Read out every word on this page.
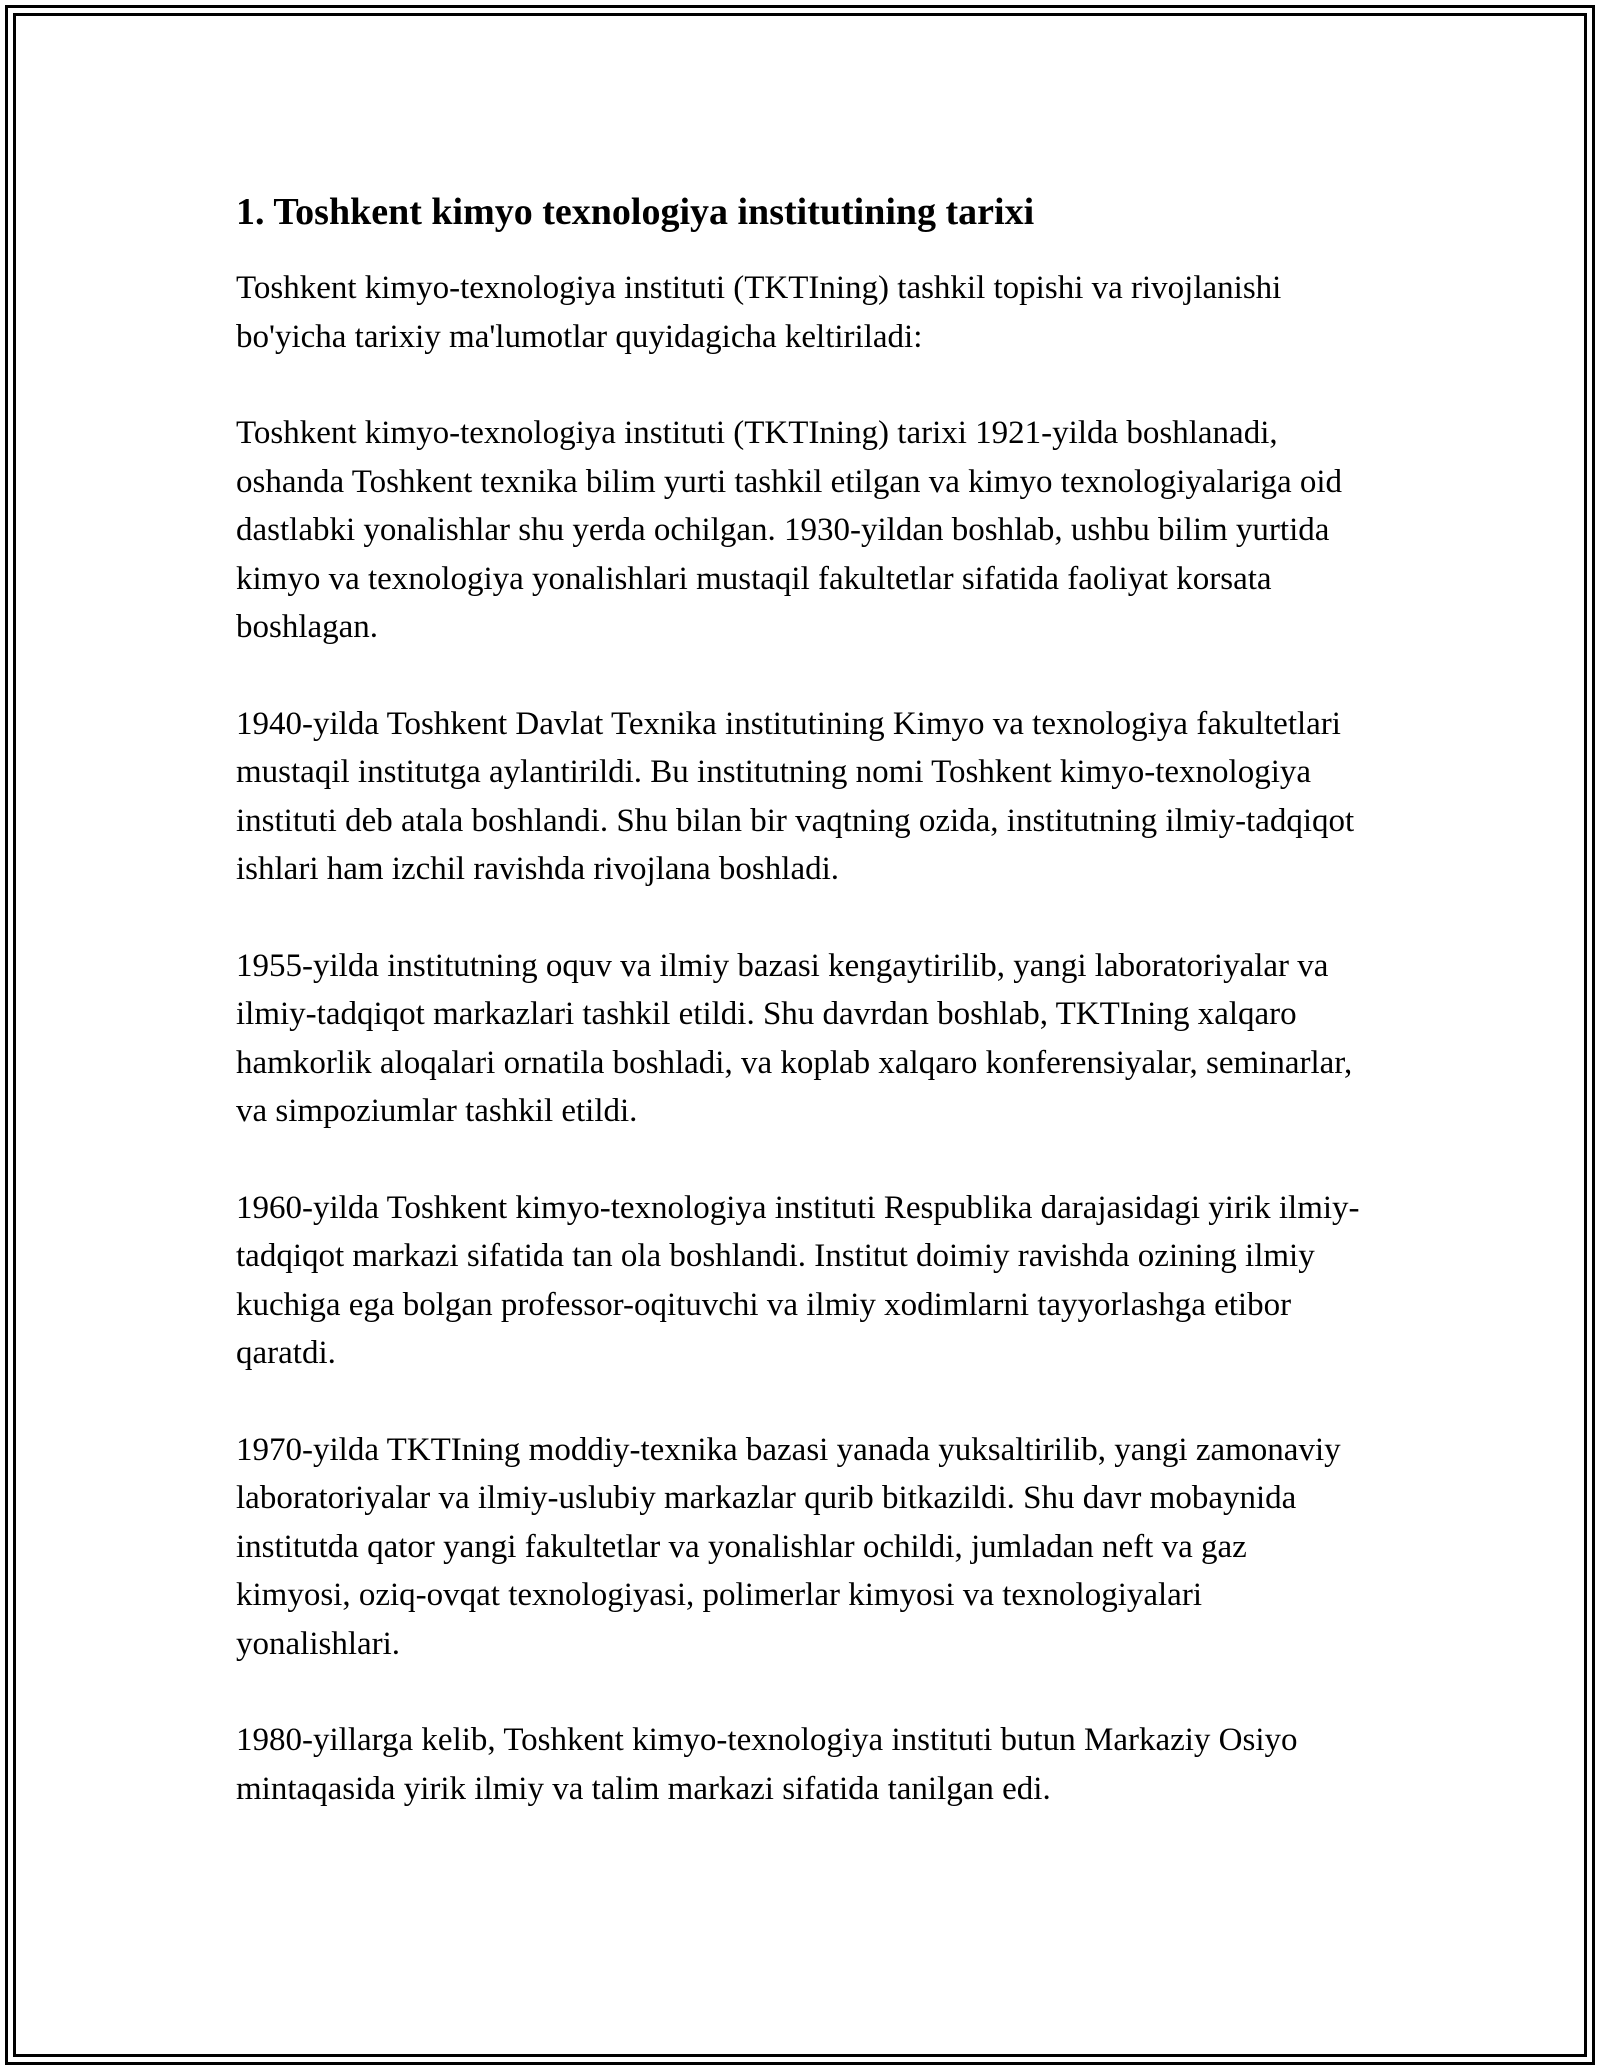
1. Toshkent kimyo texnologiya institutining tarixi

Toshkent kimyo-texnologiya instituti (TKTIning) tashkil topishi va rivojlanishi bo'yicha tarixiy ma'lumotlar quyidagicha keltiriladi:

Toshkent kimyo-texnologiya instituti (TKTIning) tarixi 1921-yilda boshlanadi, oshanda Toshkent texnika bilim yurti tashkil etilgan va kimyo texnologiyalariga oid dastlabki yonalishlar shu yerda ochilgan. 1930-yildan boshlab, ushbu bilim yurtida kimyo va texnologiya yonalishlari mustaqil fakultetlar sifatida faoliyat korsata boshlagan.

1940-yilda Toshkent Davlat Texnika institutining Kimyo va texnologiya fakultetlari mustaqil institutga aylantirildi. Bu institutning nomi Toshkent kimyo-texnologiya instituti deb atala boshlandi. Shu bilan bir vaqtning ozida, institutning ilmiy-tadqiqot ishlari ham izchil ravishda rivojlana boshladi.

1955-yilda institutning oquv va ilmiy bazasi kengaytirilib, yangi laboratoriyalar va ilmiy-tadqiqot markazlari tashkil etildi. Shu davrdan boshlab, TKTIning xalqaro hamkorlik aloqalari ornatila boshladi, va koplab xalqaro konferensiyalar, seminarlar, va simpoziumlar tashkil etildi.

1960-yilda Toshkent kimyo-texnologiya instituti Respublika darajasidagi yirik ilmiy-tadqiqot markazi sifatida tan ola boshlandi. Institut doimiy ravishda ozining ilmiy kuchiga ega bolgan professor-oqituvchi va ilmiy xodimlarni tayyorlashga etibor qaratdi.

1970-yilda TKTIning moddiy-texnika bazasi yanada yuksaltirilib, yangi zamonaviy laboratoriyalar va ilmiy-uslubiy markazlar qurib bitkazildi. Shu davr mobaynida institutda qator yangi fakultetlar va yonalishlar ochildi, jumladan neft va gaz kimyosi, oziq-ovqat texnologiyasi, polimerlar kimyosi va texnologiyalari yonalishlari.

1980-yillarga kelib, Toshkent kimyo-texnologiya instituti butun Markaziy Osiyo mintaqasida yirik ilmiy va talim markazi sifatida tanilgan edi.
